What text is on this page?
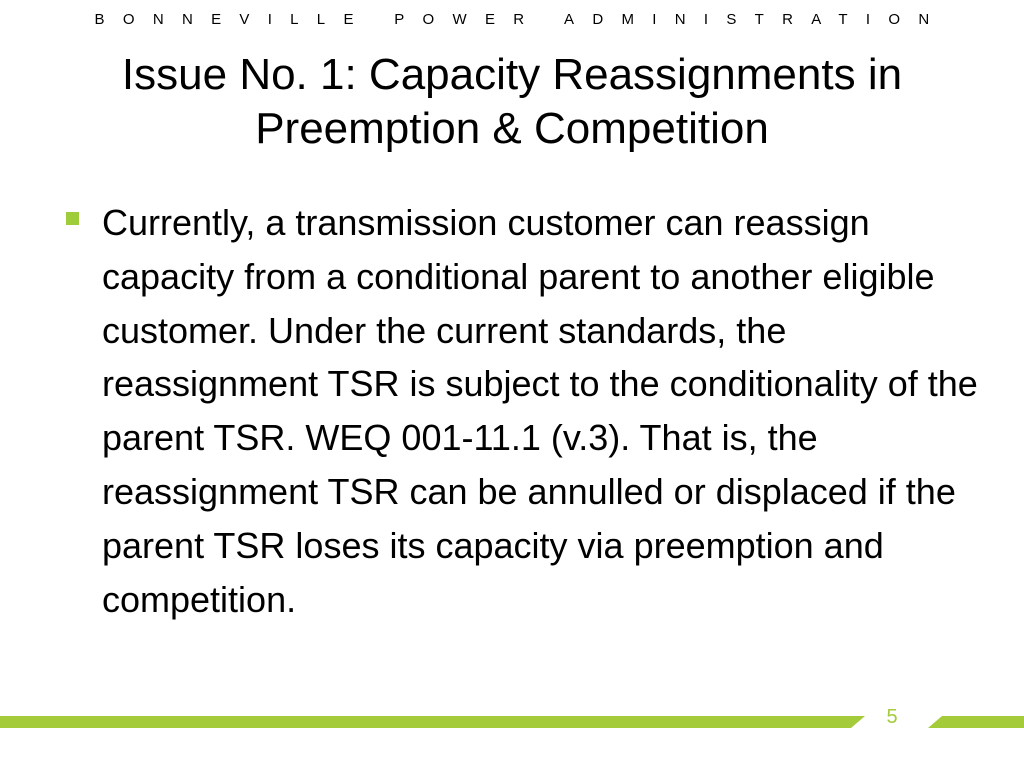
BONNEVILLE POWER ADMINISTRATION
Issue No. 1: Capacity Reassignments in
Preemption & Competition
Currently, a transmission customer can reassign capacity from a conditional parent to another eligible customer. Under the current standards, the reassignment TSR is subject to the conditionality of the parent TSR. WEQ 001-11.1 (v.3). That is, the reassignment TSR can be annulled or displaced if the parent TSR loses its capacity via preemption and competition.
5
